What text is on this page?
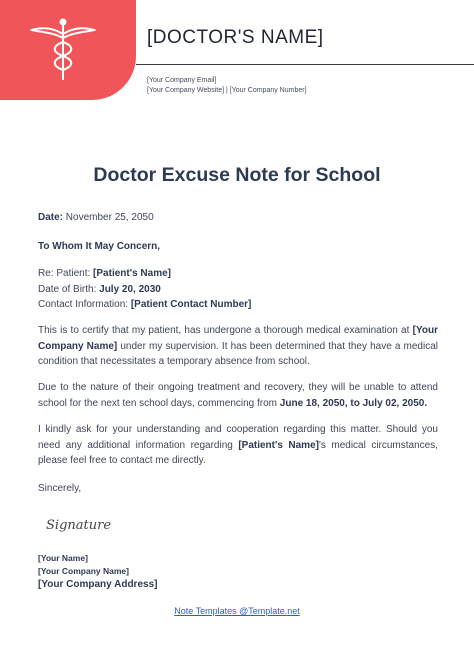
[DOCTOR'S NAME]
[Your Company Email]
[Your Company Website] | [Your Company Number]
Doctor Excuse Note for School
Date: November 25, 2050
To Whom It May Concern,
Re: Patient: [Patient's Name]
Date of Birth: July 20, 2030
Contact Information: [Patient Contact Number]
This is to certify that my patient, has undergone a thorough medical examination at [Your Company Name] under my supervision. It has been determined that they have a medical condition that necessitates a temporary absence from school.
Due to the nature of their ongoing treatment and recovery, they will be unable to attend school for the next ten school days, commencing from June 18, 2050, to July 02, 2050.
I kindly ask for your understanding and cooperation regarding this matter. Should you need any additional information regarding [Patient's Name]'s medical circumstances, please feel free to contact me directly.
Sincerely,
Signature
[Your Name]
[Your Company Name]
[Your Company Address]
Note Templates @Template.net
